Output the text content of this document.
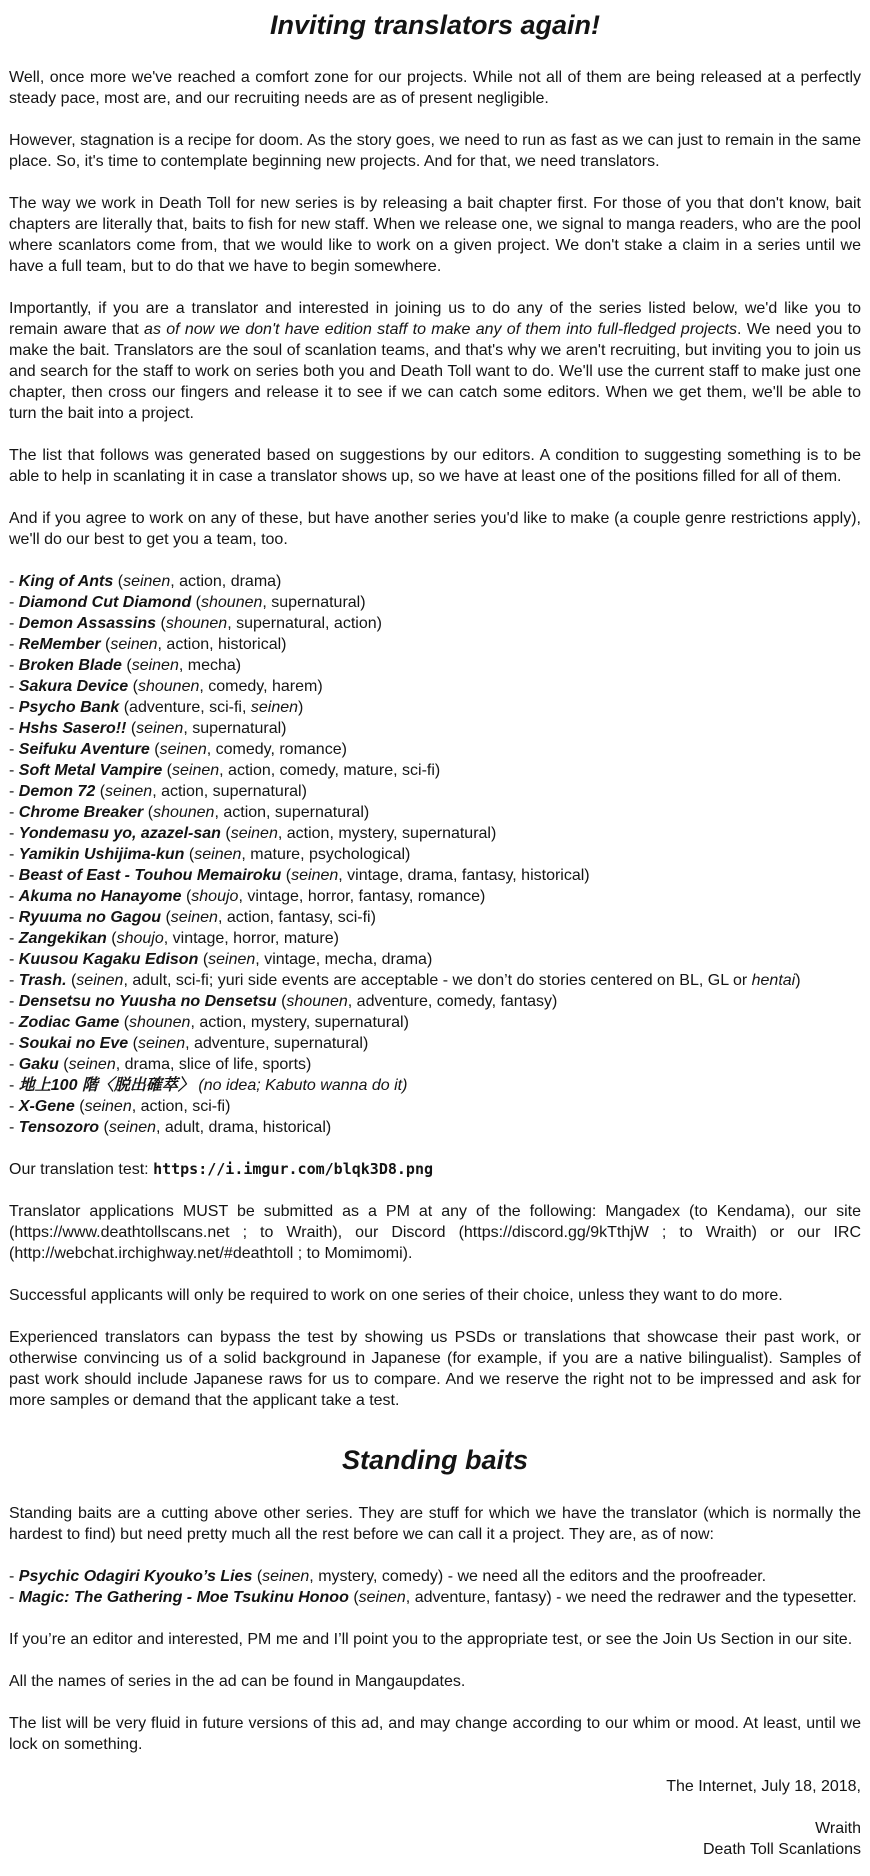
Inviting translators again!

Well, once more we've reached a comfort zone for our projects. While not all of them are being released at a perfectly steady pace, most are, and our recruiting needs are as of present negligible.

However, stagnation is a recipe for doom. As the story goes, we need to run as fast as we can just to remain in the same place. So, it's time to contemplate beginning new projects. And for that, we need translators.

The way we work in Death Toll for new series is by releasing a bait chapter first. For those of you that don't know, bait chapters are literally that, baits to fish for new staff. When we release one, we signal to manga readers, who are the pool where scanlators come from, that we would like to work on a given project. We don't stake a claim in a series until we have a full team, but to do that we have to begin somewhere.

Importantly, if you are a translator and interested in joining us to do any of the series listed below, we'd like you to remain aware that as of now we don't have edition staff to make any of them into full-fledged projects. We need you to make the bait. Translators are the soul of scanlation teams, and that's why we aren't recruiting, but inviting you to join us and search for the staff to work on series both you and Death Toll want to do. We'll use the current staff to make just one chapter, then cross our fingers and release it to see if we can catch some editors. When we get them, we'll be able to turn the bait into a project.

The list that follows was generated based on suggestions by our editors. A condition to suggesting something is to be able to help in scanlating it in case a translator shows up, so we have at least one of the positions filled for all of them.

And if you agree to work on any of these, but have another series you'd like to make (a couple genre restrictions apply), we'll do our best to get you a team, too.

- King of Ants (seinen, action, drama)
- Diamond Cut Diamond (shounen, supernatural)
- Demon Assassins (shounen, supernatural, action)
- ReMember (seinen, action, historical)
- Broken Blade (seinen, mecha)
- Sakura Device (shounen, comedy, harem)
- Psycho Bank (adventure, sci-fi, seinen)
- Hshs Sasero!! (seinen, supernatural)
- Seifuku Aventure (seinen, comedy, romance)
- Soft Metal Vampire (seinen, action, comedy, mature, sci-fi)
- Demon 72 (seinen, action, supernatural)
- Chrome Breaker (shounen, action, supernatural)
- Yondemasu yo, azazel-san (seinen, action, mystery, supernatural)
- Yamikin Ushijima-kun (seinen, mature, psychological)
- Beast of East - Touhou Memairoku (seinen, vintage, drama, fantasy, historical)
- Akuma no Hanayome (shoujo, vintage, horror, fantasy, romance)
- Ryuuma no Gagou (seinen, action, fantasy, sci-fi)
- Zangekikan (shoujo, vintage, horror, mature)
- Kuusou Kagaku Edison (seinen, vintage, mecha, drama)
- Trash. (seinen, adult, sci-fi; yuri side events are acceptable - we don’t do stories centered on BL, GL or hentai)
- Densetsu no Yuusha no Densetsu (shounen, adventure, comedy, fantasy)
- Zodiac Game (shounen, action, mystery, supernatural)
- Soukai no Eve (seinen, adventure, supernatural)
- Gaku (seinen, drama, slice of life, sports)
- 地上100 階〈脱出確萃〉 (no idea; Kabuto wanna do it)
- X-Gene (seinen, action, sci-fi)
- Tensozoro (seinen, adult, drama, historical)

Our translation test: https://i.imgur.com/blqk3D8.png

Translator applications MUST be submitted as a PM at any of the following: Mangadex (to Kendama), our site (https://www.deathtollscans.net ; to Wraith), our Discord (https://discord.gg/9kTthjW ; to Wraith) or our IRC (http://webchat.irchighway.net/#deathtoll ; to Momimomi).

Successful applicants will only be required to work on one series of their choice, unless they want to do more.

Experienced translators can bypass the test by showing us PSDs or translations that showcase their past work, or otherwise convincing us of a solid background in Japanese (for example, if you are a native bilingualist). Samples of past work should include Japanese raws for us to compare. And we reserve the right not to be impressed and ask for more samples or demand that the applicant take a test.

Standing baits

Standing baits are a cutting above other series. They are stuff for which we have the translator (which is normally the hardest to find) but need pretty much all the rest before we can call it a project. They are, as of now:

- Psychic Odagiri Kyouko’s Lies (seinen, mystery, comedy) - we need all the editors and the proofreader.
- Magic: The Gathering - Moe Tsukinu Honoo (seinen, adventure, fantasy) - we need the redrawer and the typesetter.

If you’re an editor and interested, PM me and I’ll point you to the appropriate test, or see the Join Us Section in our site.

All the names of series in the ad can be found in Mangaupdates.

The list will be very fluid in future versions of this ad, and may change according to our whim or mood. At least, until we lock on something.

The Internet, July 18, 2018,

Wraith
Death Toll Scanlations
